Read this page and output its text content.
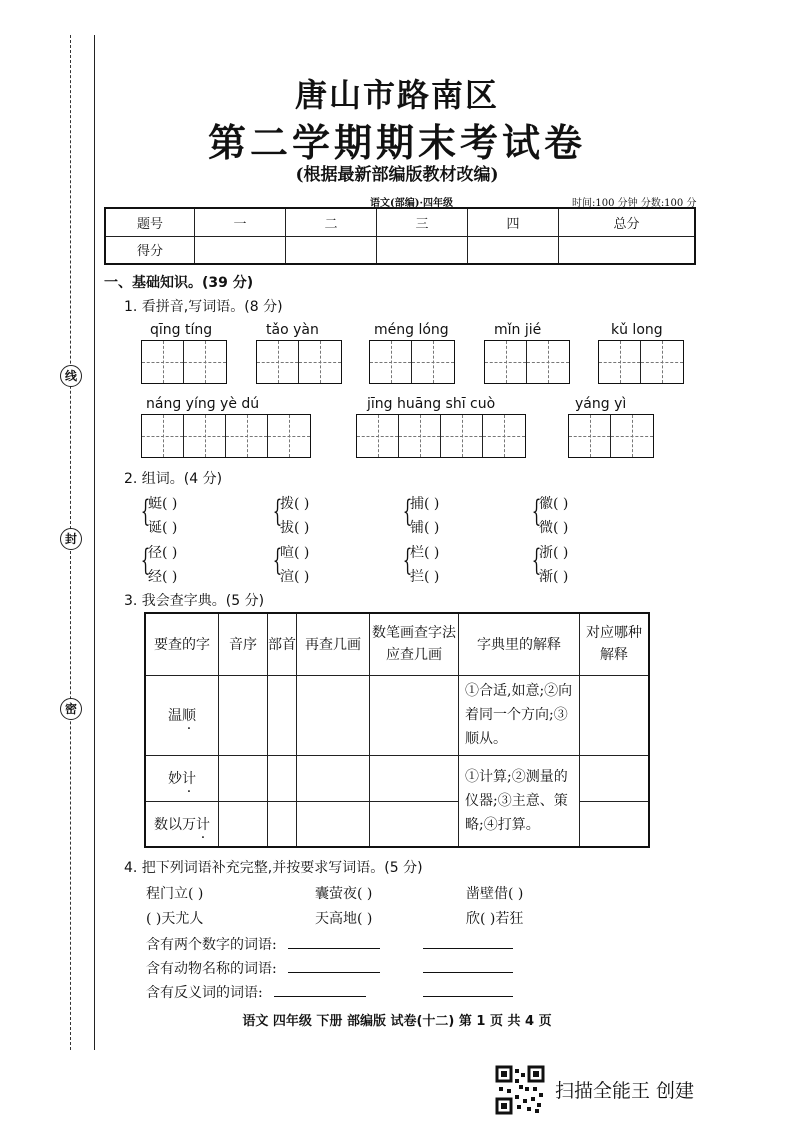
线
封
密
唐山市路南区
第二学期期末考试卷
(根据最新部编版教材改编)
语文(部编)·四年级	时间:100 分钟 分数:100 分
题号	一	二	三	四	总分
得分					
一、基础知识。(39 分)
1. 看拼音,写词语。(8 分)
qīng tíng	tǎo yàn	méng lóng	mǐn jié	kǔ long
nánɡ yínɡ yè dú	jīng huāng shī cuò	yáng yì
2. 组词。(4 分)
{
蜓( )
诞( )	{
拨( )
拔( )	{
捕( )
铺( )	{
徽( )
微( )
{
径( )
经( )	{
喧( )
渲( )	{
栏( )
拦( )	{
浙( )
渐( )
3. 我会查字典。(5 分)
要查的字	音序	部首	再查几画	数笔画查字法应查几画	字典里的解释	对应哪种解释
温顺					①合适,如意;②向着同一个方向;③顺从。	
妙计					①计算;②测量的仪器;③主意、策略;④打算。	
数以万计					
4. 把下列词语补充完整,并按要求写词语。(5 分)
程门立( )	囊萤夜( )	凿壁借( )
( )天尤人	天高地( )	欣( )若狂
含有两个数字的词语:
含有动物名称的词语:
含有反义词的词语:
语文 四年级 下册 部编版 试卷(十二) 第 1 页 共 4 页
扫描全能王 创建
